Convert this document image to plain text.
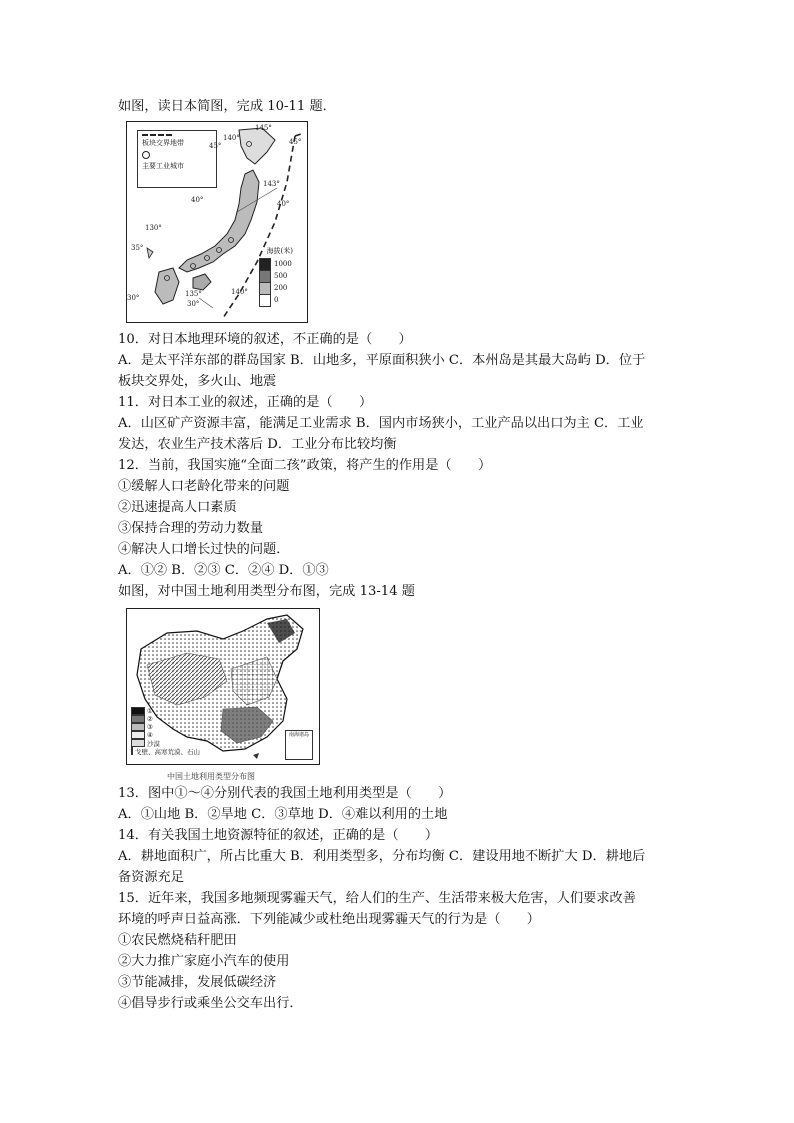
如图，读日本简图，完成 10-11 题．
板块交界地带
主要工业城市
145°
140°
45°	45°
40°
143°
40°
130°
35°
135°	140°
30°
30°
海拔(米)
1000
500
200
0
10．对日本地理环境的叙述，不正确的是（　　）
A．是太平洋东部的群岛国家 B．山地多，平原面积狭小 C．本州岛是其最大岛屿 D．位于
板块交界处，多火山、地震
11．对日本工业的叙述，正确的是（　　）
A．山区矿产资源丰富，能满足工业需求 B．国内市场狭小，工业产品以出口为主 C．工业
发达，农业生产技术落后 D．工业分布比较均衡
12．当前，我国实施“全面二孩”政策，将产生的作用是（　　）
①缓解人口老龄化带来的问题
②迅速提高人口素质
③保持合理的劳动力数量
④解决人口增长过快的问题．
A．①② B．②③ C．②④ D．①③
如图，对中国土地利用类型分布图，完成 13-14 题
①
②
③
④
沙漠
戈壁、高寒荒漠、石山
南海诸岛
中国土地利用类型分布图
13．图中①～④分别代表的我国土地利用类型是（　　）
A．①山地 B．②旱地 C．③草地 D．④难以利用的土地
14．有关我国土地资源特征的叙述，正确的是（　　）
A．耕地面积广，所占比重大 B．利用类型多，分布均衡 C．建设用地不断扩大 D．耕地后
备资源充足
15．近年来，我国多地频现雾霾天气，给人们的生产、生活带来极大危害，人们要求改善
环境的呼声日益高涨．下列能减少或杜绝出现雾霾天气的行为是（　　）
①农民燃烧秸秆肥田
②大力推广家庭小汽车的使用
③节能减排，发展低碳经济
④倡导步行或乘坐公交车出行．
